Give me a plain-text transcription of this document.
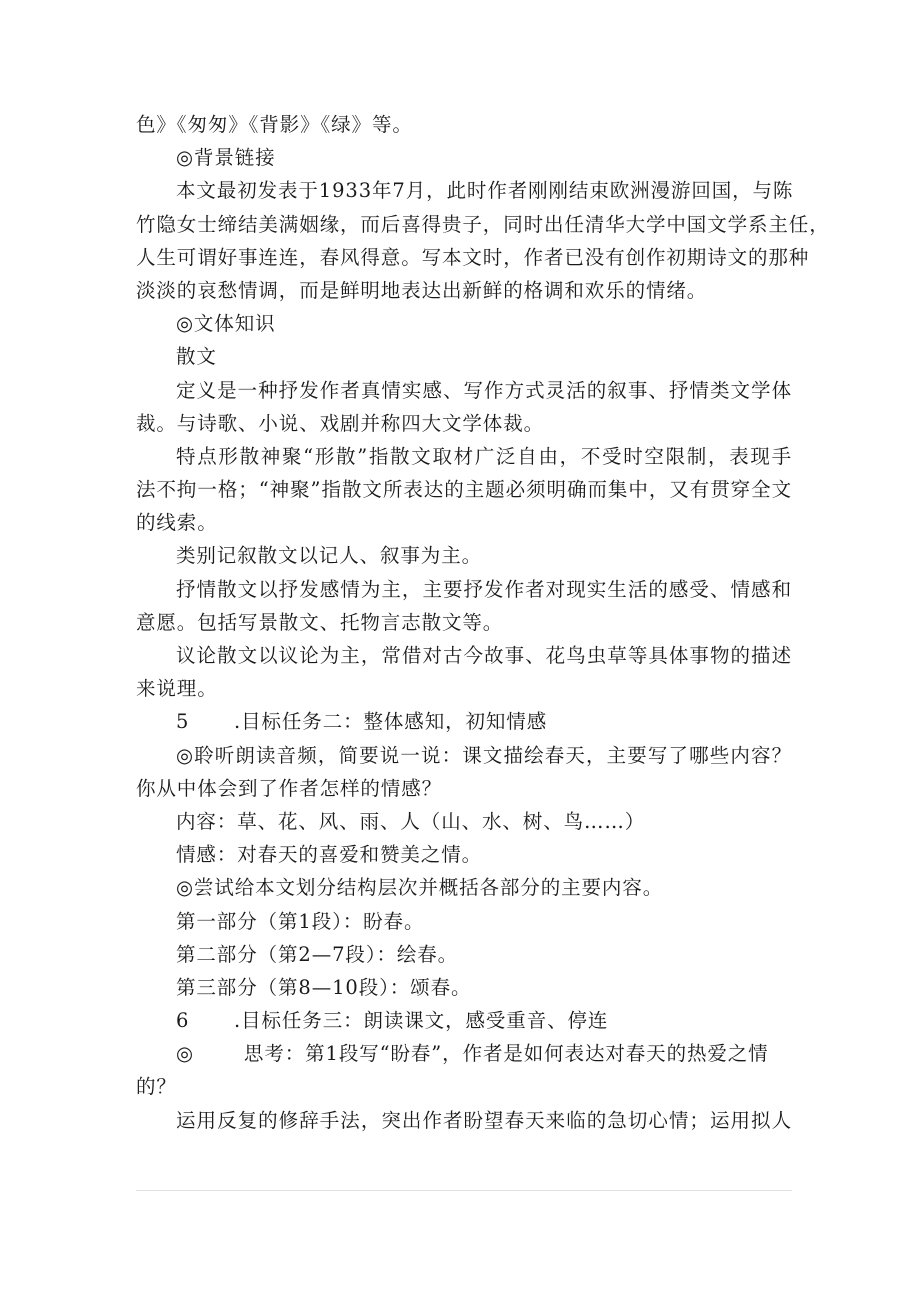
色》《匆匆》《背影》《绿》等。
◎背景链接
本文最初发表于1933年7月，此时作者刚刚结束欧洲漫游回国，与陈
竹隐女士缔结美满姻缘，而后喜得贵子，同时出任清华大学中国文学系主任，
人生可谓好事连连，春风得意。写本文时，作者已没有创作初期诗文的那种
淡淡的哀愁情调，而是鲜明地表达出新鲜的格调和欢乐的情绪。
◎文体知识
散文
定义是一种抒发作者真情实感、写作方式灵活的叙事、抒情类文学体
裁。与诗歌、小说、戏剧并称四大文学体裁。
特点形散神聚“形散”指散文取材广泛自由，不受时空限制，表现手
法不拘一格；“神聚”指散文所表达的主题必须明确而集中，又有贯穿全文
的线索。
类别记叙散文以记人、叙事为主。
抒情散文以抒发感情为主，主要抒发作者对现实生活的感受、情感和
意愿。包括写景散文、托物言志散文等。
议论散文以议论为主，常借对古今故事、花鸟虫草等具体事物的描述
来说理。
5 .目标任务二：整体感知，初知情感
◎聆听朗读音频，简要说一说：课文描绘春天，主要写了哪些内容？
你从中体会到了作者怎样的情感？
内容：草、花、风、雨、人（山、水、树、鸟……）
情感：对春天的喜爱和赞美之情。
◎尝试给本文划分结构层次并概括各部分的主要内容。
第一部分（第1段）：盼春。
第二部分（第2—7段）：绘春。
第三部分（第8—10段）：颂春。
6 .目标任务三：朗读课文，感受重音、停连
◎	思考：第1段写“盼春”，作者是如何表达对春天的热爱之情
的？
运用反复的修辞手法，突出作者盼望春天来临的急切心情；运用拟人
